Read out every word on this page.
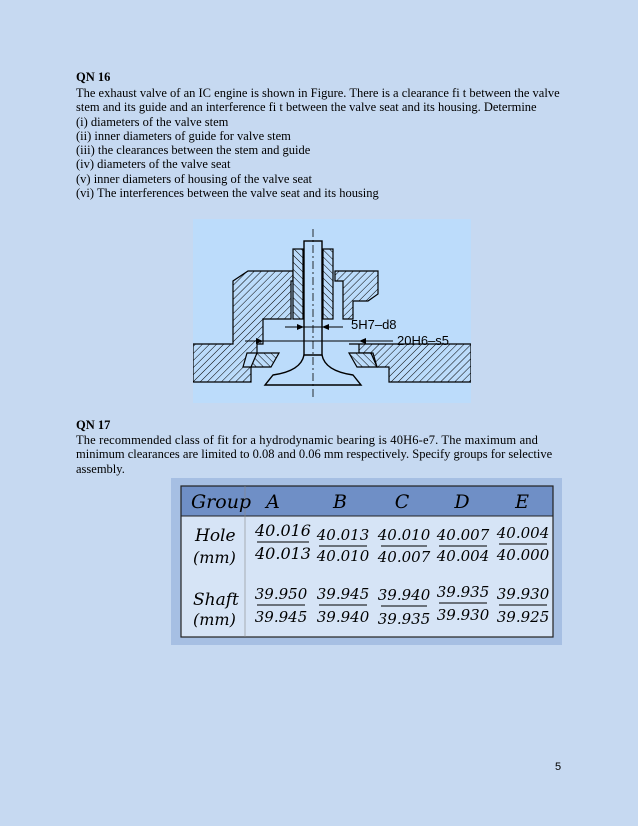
QN 16
The exhaust valve of an IC engine is shown in Figure. There is a clearance fi t between the valve
stem and its guide and an interference fi t between the valve seat and its housing. Determine
(i) diameters of the valve stem
(ii) inner diameters of guide for valve stem
(iii) the clearances between the stem and guide
(iv) diameters of the valve seat
(v) inner diameters of housing of the valve seat
(vi) The interferences between the valve seat and its housing
5H7–d8
20H6–s5
QN 17
The recommended class of fit for a hydrodynamic bearing is 40H6-e7. The maximum and
minimum clearances are limited to 0.08 and 0.06 mm respectively. Specify groups for selective
assembly.
Group A	B	C D E
Hole
(mm)
Shaft
(mm)
40.016
40.013
40.013
40.010
40.010
40.007
40.007
40.004
40.004
40.000
39.950
39.945
39.945
39.940
39.940
39.935
39.935
39.930
39.930
39.925
5
